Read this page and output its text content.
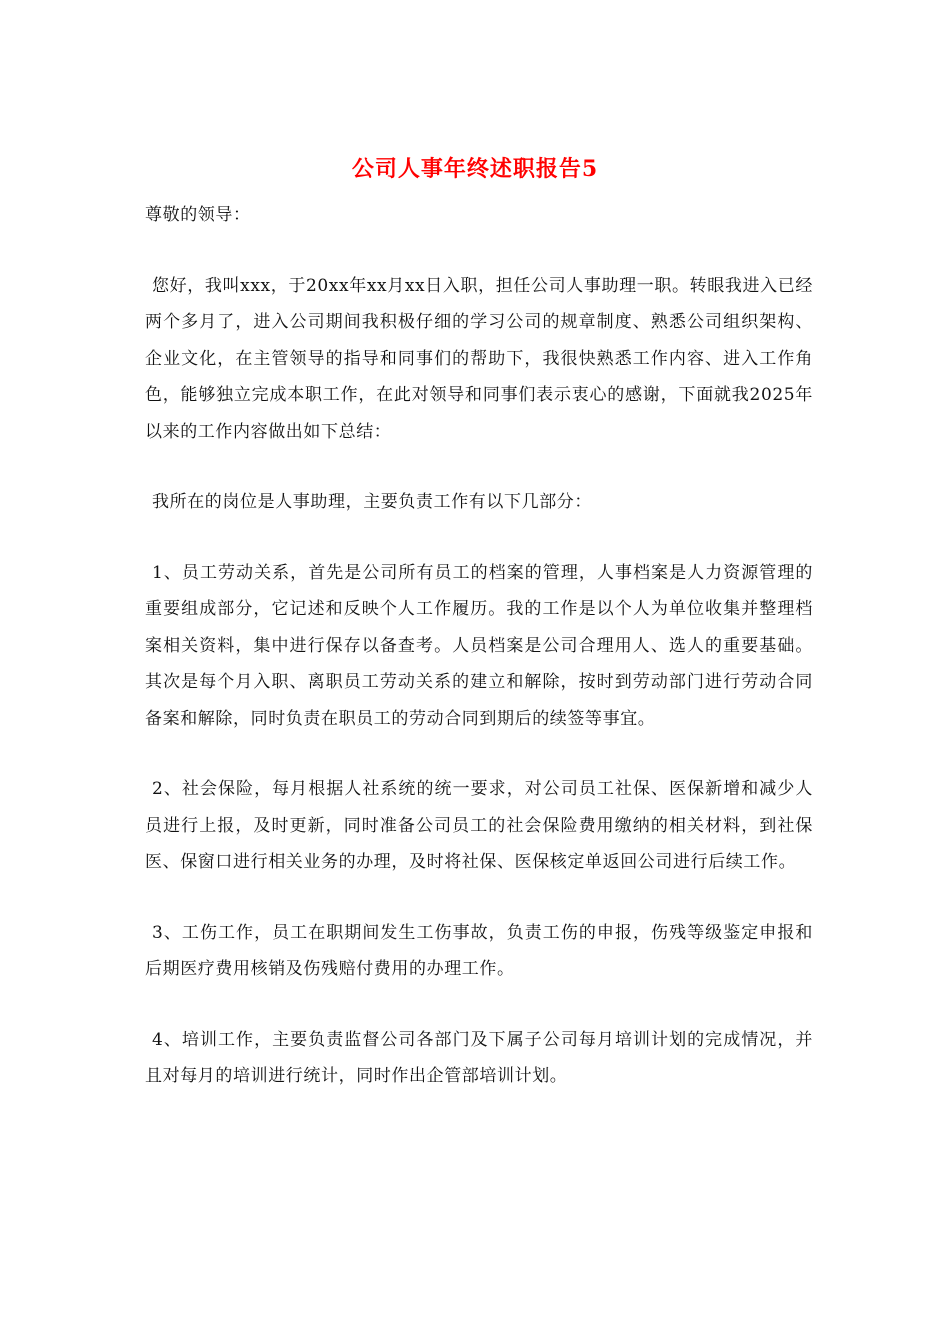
公司人事年终述职报告5

尊敬的领导：

您好，我叫xxx，于20xx年xx月xx日入职，担任公司人事助理一职。转眼我进入已经两个多月了，进入公司期间我积极仔细的学习公司的规章制度、熟悉公司组织架构、企业文化，在主管领导的指导和同事们的帮助下，我很快熟悉工作内容、进入工作角色，能够独立完成本职工作，在此对领导和同事们表示衷心的感谢，下面就我2025年以来的工作内容做出如下总结：

我所在的岗位是人事助理，主要负责工作有以下几部分：

1、员工劳动关系，首先是公司所有员工的档案的管理，人事档案是人力资源管理的重要组成部分，它记述和反映个人工作履历。我的工作是以个人为单位收集并整理档案相关资料，集中进行保存以备查考。人员档案是公司合理用人、选人的重要基础。其次是每个月入职、离职员工劳动关系的建立和解除，按时到劳动部门进行劳动合同备案和解除，同时负责在职员工的劳动合同到期后的续签等事宜。

2、社会保险，每月根据人社系统的统一要求，对公司员工社保、医保新增和减少人员进行上报，及时更新，同时准备公司员工的社会保险费用缴纳的相关材料，到社保医、保窗口进行相关业务的办理，及时将社保、医保核定单返回公司进行后续工作。

3、工伤工作，员工在职期间发生工伤事故，负责工伤的申报，伤残等级鉴定申报和后期医疗费用核销及伤残赔付费用的办理工作。

4、培训工作，主要负责监督公司各部门及下属子公司每月培训计划的完成情况，并且对每月的培训进行统计，同时作出企管部培训计划。
